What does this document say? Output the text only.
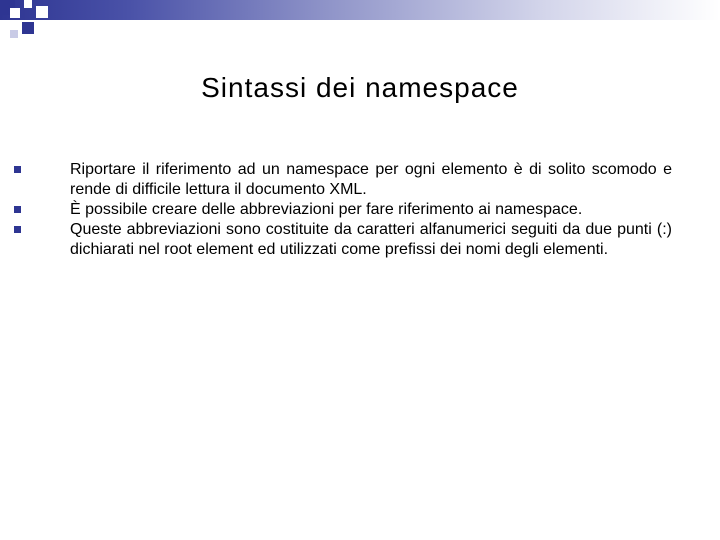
Sintassi dei namespace
Riportare il riferimento ad un namespace per ogni elemento è di solito scomodo e rende di difficile lettura il documento XML.
È possibile creare delle abbreviazioni per fare riferimento ai namespace.
Queste abbreviazioni sono costituite da caratteri alfanumerici seguiti da due punti (:) dichiarati nel root element ed utilizzati come prefissi dei nomi degli elementi.
